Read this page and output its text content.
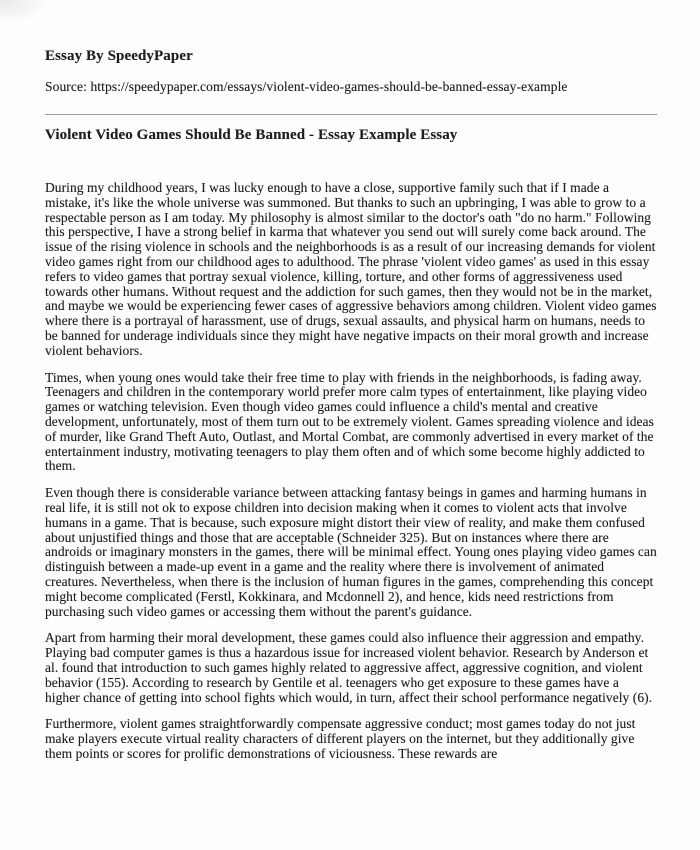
Essay By SpeedyPaper
Source: https://speedypaper.com/essays/violent-video-games-should-be-banned-essay-example
Violent Video Games Should Be Banned - Essay Example Essay

During my childhood years, I was lucky enough to have a close, supportive family such that if I made a mistake, it's like the whole universe was summoned. But thanks to such an upbringing, I was able to grow to a respectable person as I am today. My philosophy is almost similar to the doctor's oath "do no harm." Following this perspective, I have a strong belief in karma that whatever you send out will surely come back around. The issue of the rising violence in schools and the neighborhoods is as a result of our increasing demands for violent video games right from our childhood ages to adulthood. The phrase 'violent video games' as used in this essay refers to video games that portray sexual violence, killing, torture, and other forms of aggressiveness used towards other humans. Without request and the addiction for such games, then they would not be in the market, and maybe we would be experiencing fewer cases of aggressive behaviors among children. Violent video games where there is a portrayal of harassment, use of drugs, sexual assaults, and physical harm on humans, needs to be banned for underage individuals since they might have negative impacts on their moral growth and increase violent behaviors.

Times, when young ones would take their free time to play with friends in the neighborhoods, is fading away. Teenagers and children in the contemporary world prefer more calm types of entertainment, like playing video games or watching television. Even though video games could influence a child's mental and creative development, unfortunately, most of them turn out to be extremely violent. Games spreading violence and ideas of murder, like Grand Theft Auto, Outlast, and Mortal Combat, are commonly advertised in every market of the entertainment industry, motivating teenagers to play them often and of which some become highly addicted to them.

Even though there is considerable variance between attacking fantasy beings in games and harming humans in real life, it is still not ok to expose children into decision making when it comes to violent acts that involve humans in a game. That is because, such exposure might distort their view of reality, and make them confused about unjustified things and those that are acceptable (Schneider 325). But on instances where there are androids or imaginary monsters in the games, there will be minimal effect. Young ones playing video games can distinguish between a made-up event in a game and the reality where there is involvement of animated creatures. Nevertheless, when there is the inclusion of human figures in the games, comprehending this concept might become complicated (Ferstl, Kokkinara, and Mcdonnell 2), and hence, kids need restrictions from purchasing such video games or accessing them without the parent's guidance.

Apart from harming their moral development, these games could also influence their aggression and empathy. Playing bad computer games is thus a hazardous issue for increased violent behavior. Research by Anderson et al. found that introduction to such games highly related to aggressive affect, aggressive cognition, and violent behavior (155). According to research by Gentile et al. teenagers who get exposure to these games have a higher chance of getting into school fights which would, in turn, affect their school performance negatively (6).

Furthermore, violent games straightforwardly compensate aggressive conduct; most games today do not just make players execute virtual reality characters of different players on the internet, but they additionally give them points or scores for prolific demonstrations of viciousness. These rewards are
